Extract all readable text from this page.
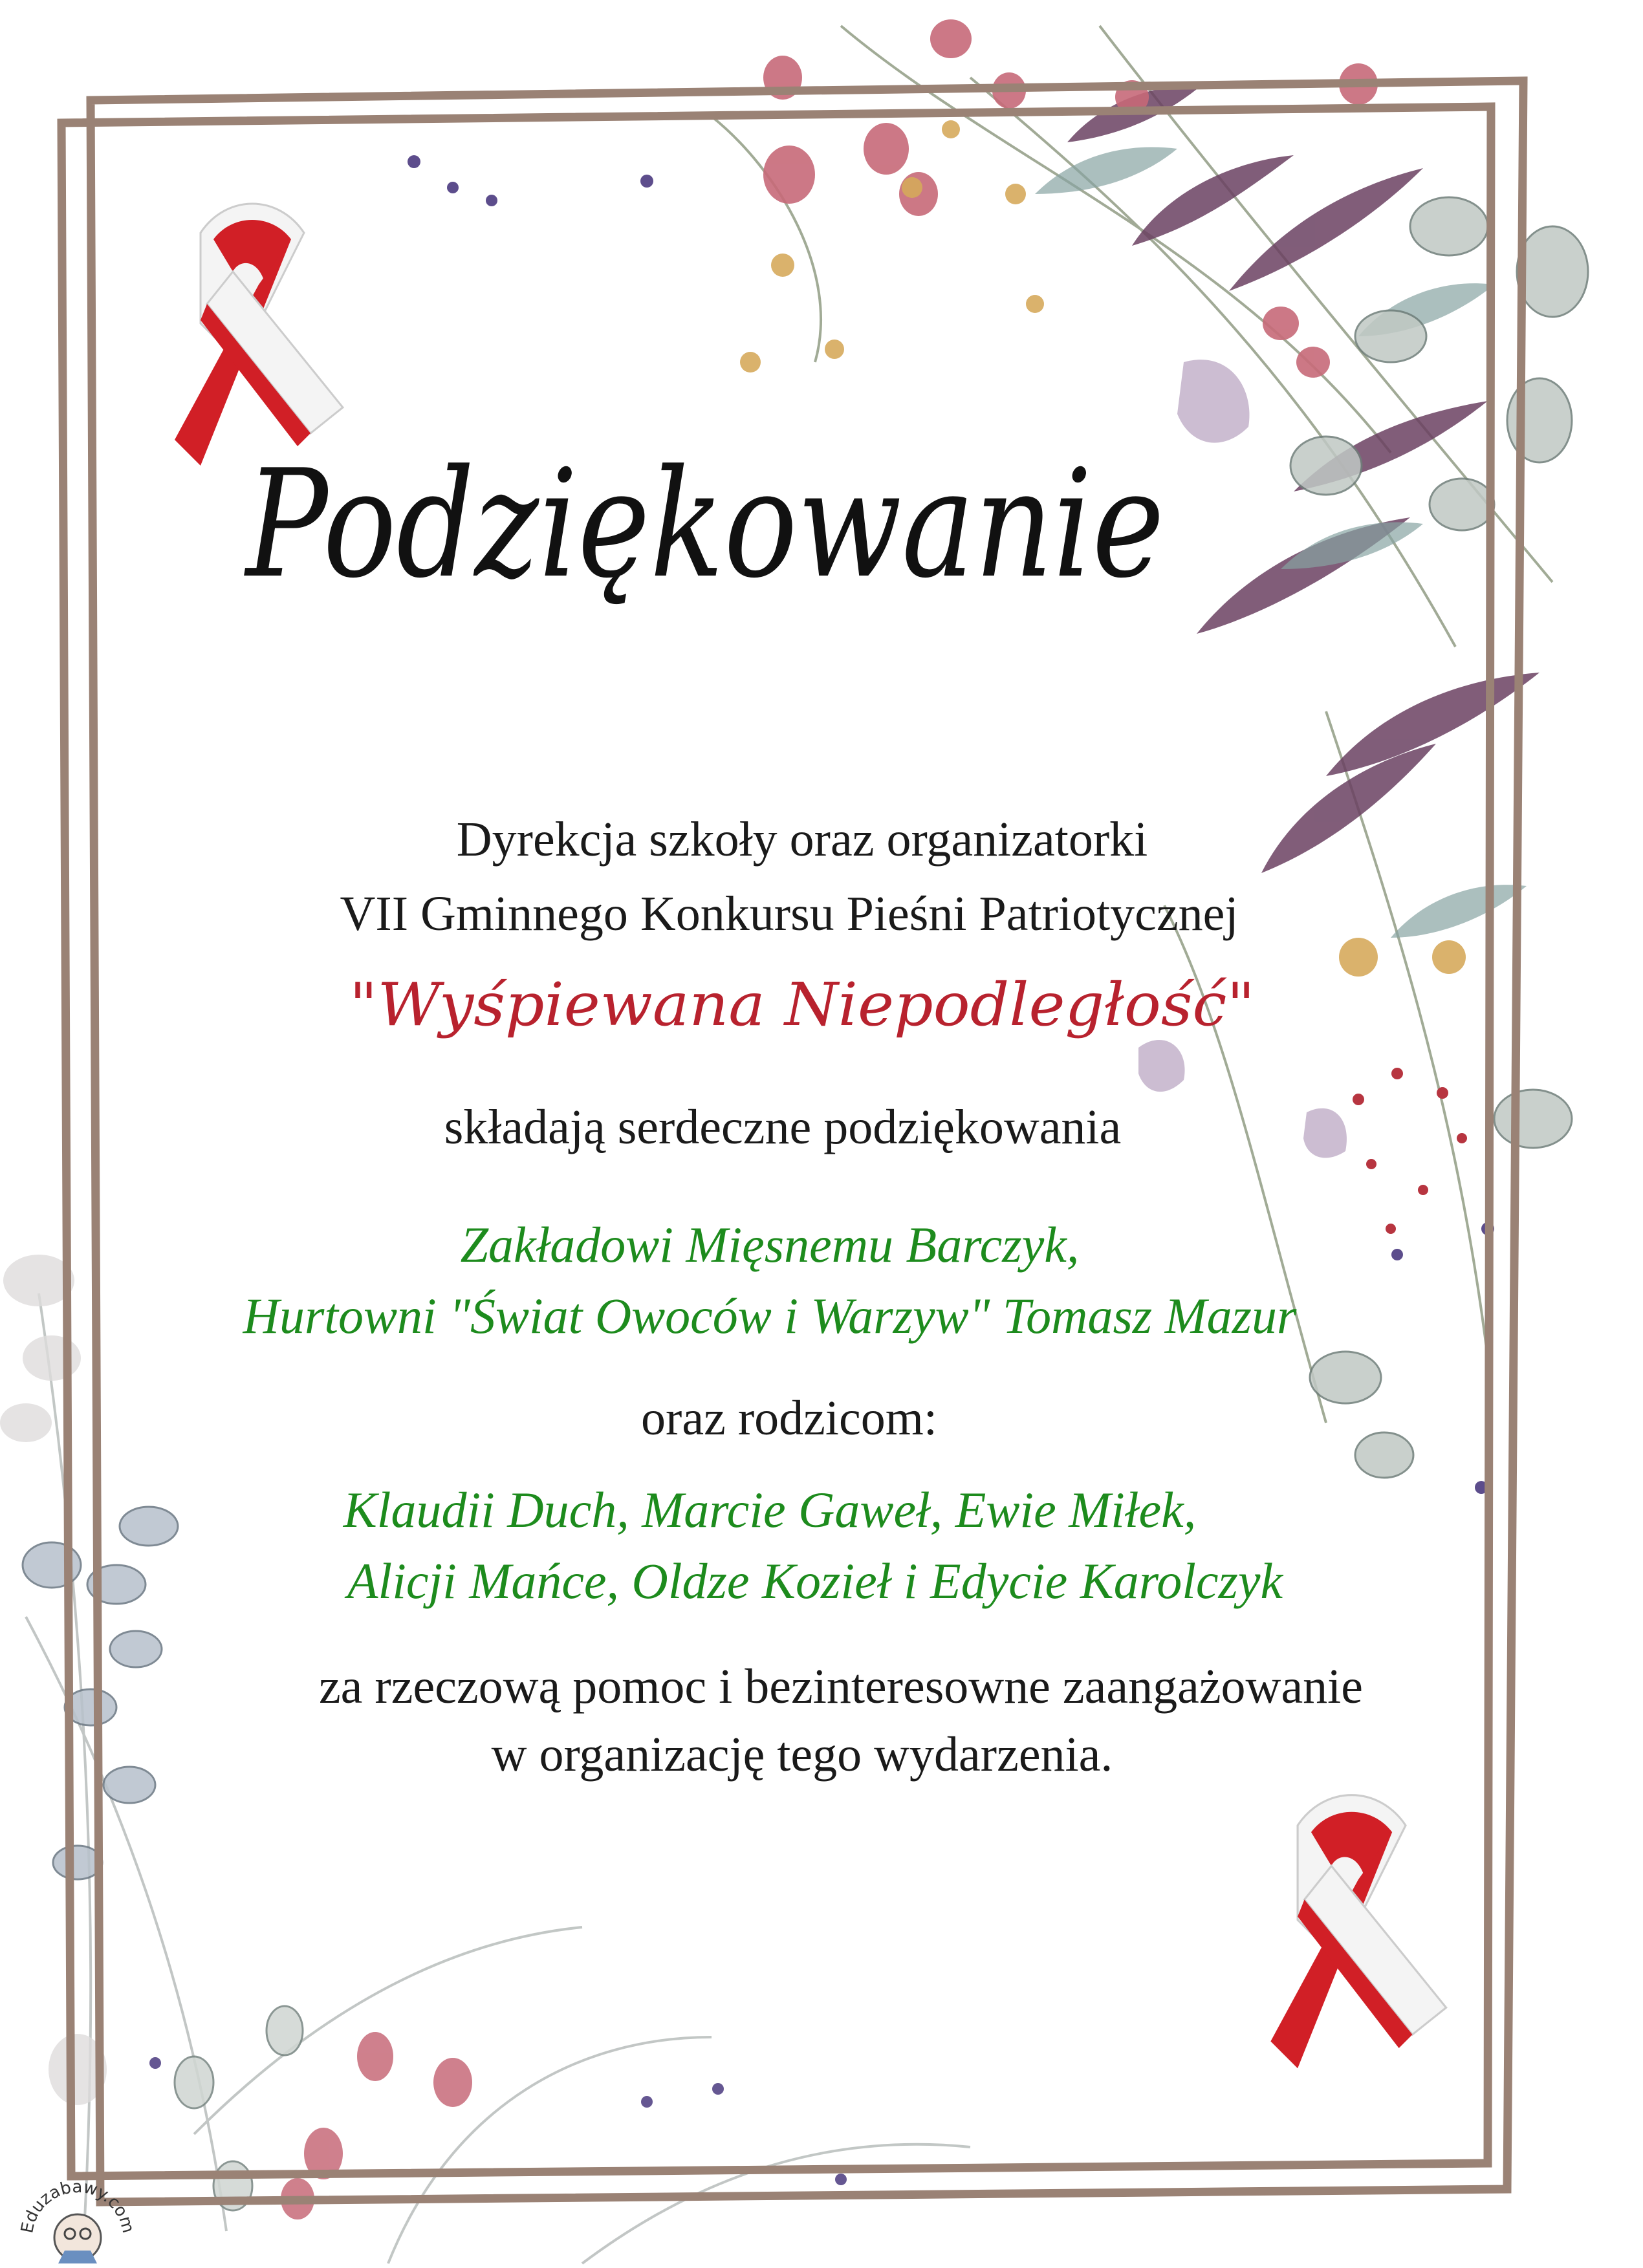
Podziękowanie

Dyrekcja szkoły oraz organizatorki

VII Gminnego Konkursu Pieśni Patriotycznej

"Wyśpiewana Niepodległość"

składają serdeczne podziękowania

Zakładowi Mięsnemu Barczyk,

Hurtowni "Świat Owoców i Warzyw" Tomasz Mazur

oraz rodzicom:

Klaudii Duch, Marcie Gaweł, Ewie Miłek,

Alicji Mańce, Oldze Kozieł i Edycie Karolczyk

za rzeczową pomoc i bezinteresowne zaangażowanie

w organizację tego wydarzenia.

Eduzabawy.com
